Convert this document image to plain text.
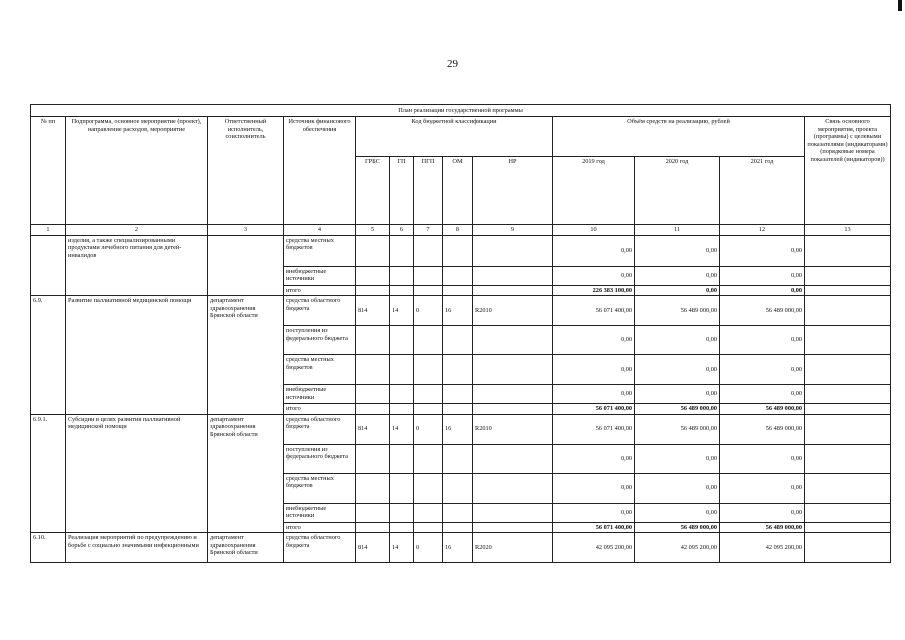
29
План реализации государственной программы												
№ пп	Подпрограмма, основное мероприятие (проект), направление расходов, мероприятие	Ответственный исполнитель, соисполнитель	Источник финансового обеспечения	Код бюджетной классификации					Объём средств на реализацию, рублей			Связь основного мероприятия, проекта (программы) с целевыми показателями (индикаторами) (порядковые номера показателей (индикаторов))
				ГРБС	ГП	ПГП	ОМ	НР	2019 год	2020 год	2021 год	
1	2	3	4	5	6	7	8	9	10	11	12	13
	изделия, а также специализированными продуктами лечебного питания для детей-инвалидов		средства местных бюджетов						0,00	0,00	0,00	
			внебюджетные источники						0,00	0,00	0,00	
			итого						226 383 100,00	0,00	0,00	
6.9.	Развитие паллиативной медицинской помощи	департамент здравоохранения Брянской области	средства областного бюджета	814	14	0	16	R2010	56 071 400,00	56 489 000,00	56 489 000,00	
			поступления из федерального бюджета						0,00	0,00	0,00	
			средства местных бюджетов						0,00	0,00	0,00	
			внебюджетные источники						0,00	0,00	0,00	
			итого						56 071 400,00	56 489 000,00	56 489 000,00	
6.9.1.	Субсидии в целях развития паллиативной медицинской помощи	департамент здравоохранения Брянской области	средства областного бюджета	814	14	0	16	R2010	56 071 400,00	56 489 000,00	56 489 000,00	
			поступления из федерального бюджета						0,00	0,00	0,00	
			средства местных бюджетов						0,00	0,00	0,00	
			внебюджетные источники						0,00	0,00	0,00	
			итого						56 071 400,00	56 489 000,00	56 489 000,00	
6.10.	Реализация мероприятий по предупреждению и борьбе с социально значимыми инфекционными	департамент здравоохранения Брянской области	средства областного бюджета	814	14	0	16	R2020	42 095 200,00	42 095 200,00	42 095 200,00	
